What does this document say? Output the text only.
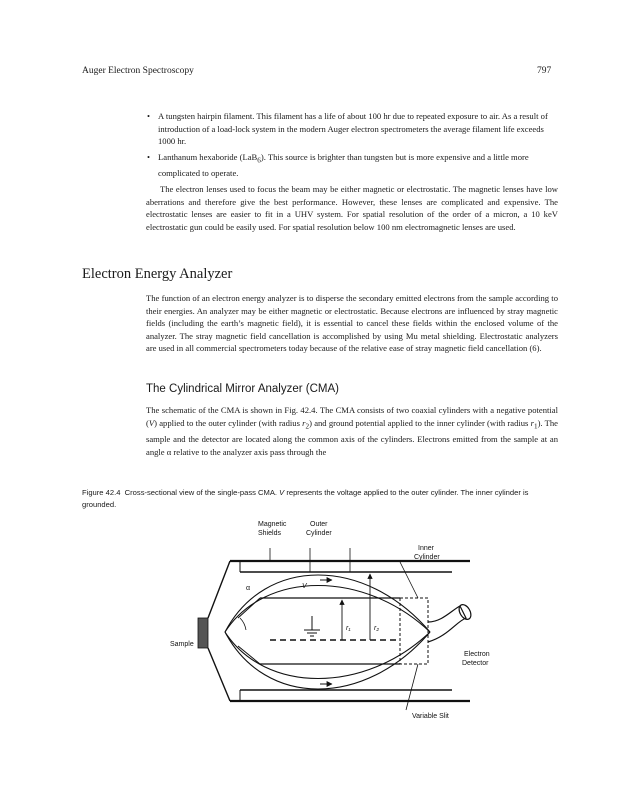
Auger Electron Spectroscopy	797
• A tungsten hairpin filament. This filament has a life of about 100 hr due to repeated exposure to air. As a result of introduction of a load-lock system in the modern Auger electron spectrometers the average filament life exceeds 1000 hr.
• Lanthanum hexaboride (LaB$_6$). This source is brighter than tungsten but is more expensive and a little more complicated to operate.

The electron lenses used to focus the beam may be either magnetic or electrostatic. The magnetic lenses have low aberrations and therefore give the best performance. However, these lenses are complicated and expensive. The electrostatic lenses are easier to fit in a UHV system. For spatial resolution of the order of a micron, a 10 keV electrostatic gun could be easily used. For spatial resolution below 100 nm electromagnetic lenses are used.

Electron Energy Analyzer

The function of an electron energy analyzer is to disperse the secondary emitted electrons from the sample according to their energies. An analyzer may be either magnetic or electrostatic. Because electrons are influenced by stray magnetic fields (including the earth’s magnetic field), it is essential to cancel these fields within the enclosed volume of the analyzer. The stray magnetic field cancellation is accomplished by using Mu metal shielding. Electrostatic analyzers are used in all commercial spectrometers today because of the relative ease of stray magnetic field cancellation (6).

The Cylindrical Mirror Analyzer (CMA)

The schematic of the CMA is shown in Fig. 42.4. The CMA consists of two coaxial cylinders with a negative potential (V) applied to the outer cylinder (with radius $r_2$) and ground potential applied to the inner cylinder (with radius $r_1$). The sample and the detector are located along the common axis of the cylinders. Electrons emitted from the sample at an angle α relative to the analyzer axis pass through the

Figure 42.4 Cross-sectional view of the single-pass CMA. V represents the voltage applied to the outer cylinder. The inner cylinder is grounded.

Magnetic
Shields
Outer
Cylinder
Inner
Cylinder
Sample
Electron
Detector
Variable Slit
α	V
r₁	r₂
